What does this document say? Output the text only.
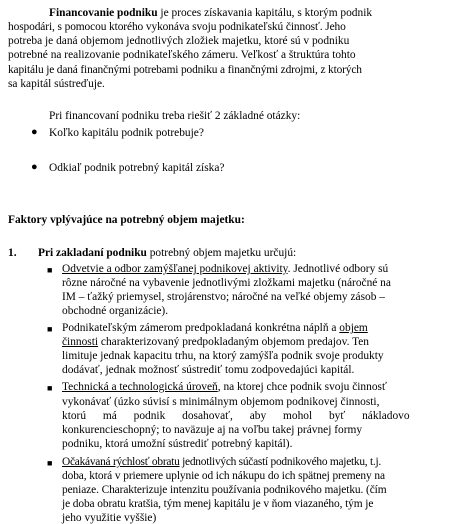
Financovanie podniku je proces získavania kapitálu, s ktorým podnik
hospodári, s pomocou ktorého vykonáva svoju podnikateľskú činnosť. Jeho
potreba je daná objemom jednotlivých zložiek majetku, ktoré sú v podniku
potrebné na realizovanie podnikateľského zámeru. Veľkosť a štruktúra tohto
kapitálu je daná finančnými potrebami podniku a finančnými zdrojmi, z ktorých
sa kapitál sústreďuje.
Pri financovaní podniku treba riešiť 2 základné otázky:
● Koľko kapitálu podnik potrebuje?
● Odkiaľ podnik potrebný kapitál získa?
Faktory vplývajúce na potrebný objem majetku:
1. Pri zakladaní podniku potrebný objem majetku určujú:
■ Odvetvie a odbor zamýšľanej podnikovej aktivity. Jednotlivé odbory sú
rôzne náročné na vybavenie jednotlivými zložkami majetku (náročné na
IM – ťažký priemysel, strojárenstvo; náročné na veľké objemy zásob –
obchodné organizácie).
■ Podnikateľským zámerom predpokladaná konkrétna náplň a objem
činnosti charakterizovaný predpokladaným objemom predajov. Ten
limituje jednak kapacitu trhu, na ktorý zamýšľa podnik svoje produkty
dodávať, jednak možnosť sústrediť tomu zodpovedajúci kapitál.
■ Technická a technologická úroveň, na ktorej chce podnik svoju činnosť
vykonávať (úzko súvisí s minimálnym objemom podnikovej činnosti,
ktorú má podnik dosahovať, aby mohol byť nákladovo
konkurencieschopný; to naväzuje aj na voľbu takej právnej formy
podniku, ktorá umožní sústrediť potrebný kapitál).
■ Očakávaná rýchlosť obratu jednotlivých súčastí podnikového majetku, t.j.
doba, ktorá v priemere uplynie od ich nákupu do ich spätnej premeny na
peniaze. Charakterizuje intenzitu používania podnikového majetku. (čím
je doba obratu kratšia, tým menej kapitálu je v ňom viazaného, tým je
jeho využitie vyššie)
